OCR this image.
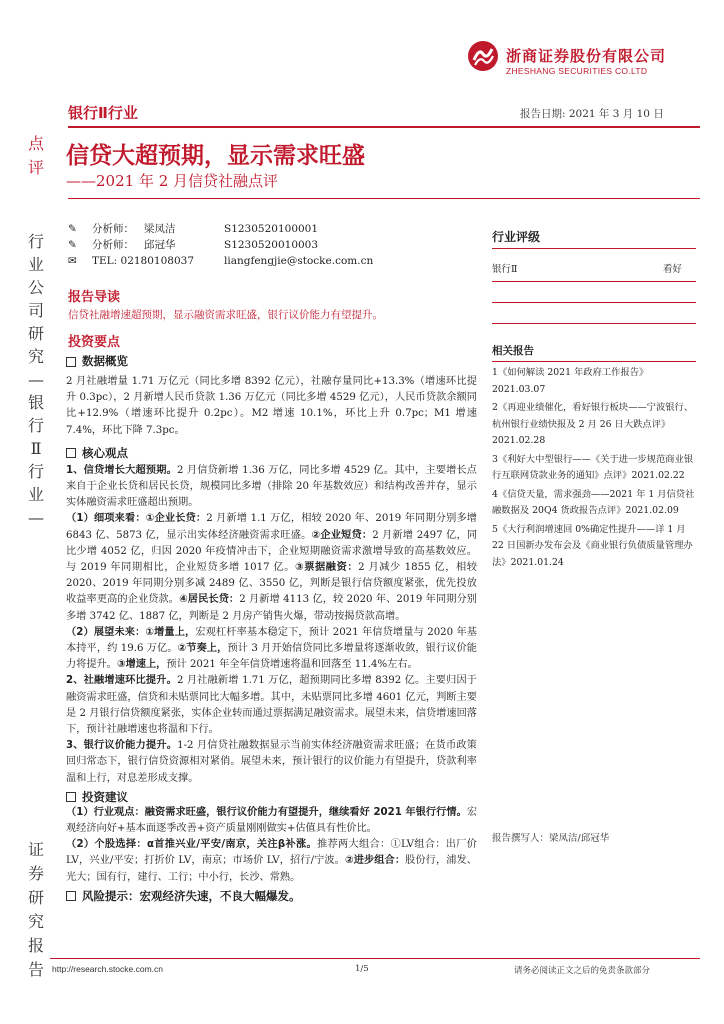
浙商证券股份有限公司
ZHESHANG SECURITIES CO.LTD
银行Ⅱ行业	报告日期: 2021 年 3 月 10 日
点
评
行
业
公
司
研
究
—
银
行
Ⅱ
行
业
—
证
券
研
究
报
告
信贷大超预期，显示需求旺盛
——2021 年 2 月信贷社融点评
✎	分析师： 梁凤洁	S1230520100001
✎	分析师： 邱冠华	S1230520010003
✉	TEL: 02180108037	liangfengjie@stocke.com.cn
报告导读
信贷社融增速超预期，显示融资需求旺盛，银行议价能力有望提升。
投资要点
数据概览
2 月社融增量 1.71 万亿元（同比多增 8392 亿元），社融存量同比+13.3%（增速环比提升 0.3pc），2 月新增人民币贷款 1.36 万亿元（同比多增 4529 亿元），人民币贷款余额同比+12.9%（增速环比提升 0.2pc）。M2 增速 10.1%，环比上升 0.7pc；M1 增速 7.4%，环比下降 7.3pc。
核心观点
1、信贷增长大超预期。2 月信贷新增 1.36 万亿，同比多增 4529 亿。其中，主要增长点来自于企业长贷和居民长贷，规模同比多增（排除 20 年基数效应）和结构改善并存，显示实体融资需求旺盛超出预期。
（1）细项来看：①企业长贷：2 月新增 1.1 万亿，相较 2020 年、2019 年同期分别多增 6843 亿、5873 亿，显示出实体经济融资需求旺盛。②企业短贷：2 月新增 2497 亿，同比少增 4052 亿，归因 2020 年疫情冲击下，企业短期融资需求激增导致的高基数效应。与 2019 年同期相比，企业短贷多增 1017 亿。③票据融资：2 月减少 1855 亿，相较 2020、2019 年同期分别多减 2489 亿、3550 亿，判断是银行信贷额度紧张，优先投放收益率更高的企业贷款。④居民长贷：2 月新增 4113 亿，较 2020 年、2019 年同期分别多增 3742 亿、1887 亿，判断是 2 月房产销售火爆，带动按揭贷款高增。
（2）展望未来：①增量上，宏观杠杆率基本稳定下，预计 2021 年信贷增量与 2020 年基本持平，约 19.6 万亿。②节奏上，预计 3 月开始信贷同比多增量将逐渐收敛，银行议价能力将提升。③增速上，预计 2021 年全年信贷增速将温和回落至 11.4%左右。
2、社融增速环比提升。2 月社融新增 1.71 万亿，超预期同比多增 8392 亿。主要归因于融资需求旺盛，信贷和未贴票同比大幅多增。其中，未贴票同比多增 4601 亿元，判断主要是 2 月银行信贷额度紧张，实体企业转而通过票据满足融资需求。展望未来，信贷增速回落下，预计社融增速也将温和下行。
3、银行议价能力提升。1-2 月信贷社融数据显示当前实体经济融资需求旺盛；在货币政策回归常态下，银行信贷资源相对紧俏。展望未来，预计银行的议价能力有望提升，贷款利率温和上行，对息差形成支撑。
投资建议
（1）行业观点：融资需求旺盛，银行议价能力有望提升，继续看好 2021 年银行行情。宏观经济向好+基本面逐季改善+资产质量刚刚做实+估值具有性价比。
（2）个股选择：α首推兴业/平安/南京，关注β补涨。推荐两大组合：①LV组合：出厂价 LV，兴业/平安；打折价 LV，南京；市场价 LV，招行/宁波。②进步组合：股份行，浦发、光大；国有行，建行、工行；中小行，长沙、常熟。
风险提示：宏观经济失速，不良大幅爆发。
行业评级
银行Ⅱ	看好
相关报告
1《如何解读 2021 年政府工作报告》2021.03.07
2《再迎业绩催化，看好银行板块——宁波银行、杭州银行业绩快报及 2 月 26 日大跌点评》2021.02.28
3《利好大中型银行——《关于进一步规范商业银行互联网贷款业务的通知》点评》2021.02.22
4《信贷天量，需求强劲——2021 年 1 月信贷社融数据及 20Q4 货政报告点评》2021.02.09
5《大行利润增速回 0%确定性提升——详 1 月 22 日国新办发布会及《商业银行负债质量管理办法》2021.01.24
报告撰写人：梁凤洁/邱冠华
http://research.stocke.com.cn	1/5	请务必阅读正文之后的免责条款部分
